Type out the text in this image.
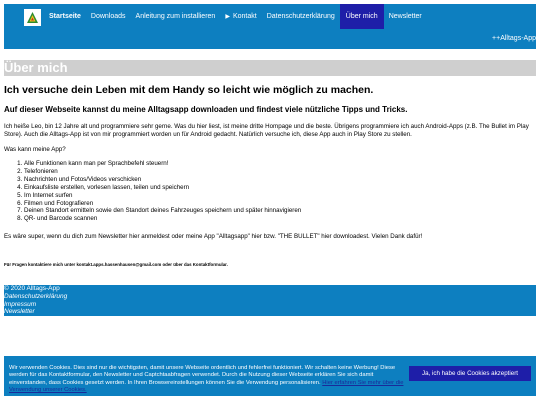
Startseite	Downloads	Anleitung zum installieren	▶ Kontakt	Datenschutzerklärung	Über mich	Newsletter
++Alltags-App
Über mich
Ich versuche dein Leben mit dem Handy so leicht wie möglich zu machen.
Auf dieser Webseite kannst du meine Alltagsapp downloaden und findest viele nützliche Tipps und Tricks.
Ich heiße Leo, bin 12 Jahre alt und programmiere sehr gerne. Was du hier liest, ist meine dritte Hompage und die beste. Übrigens programmiere ich auch Android-Apps (z.B. The Bullet im Play Store). Auch die Alltags-App ist von mir programmiert worden un für Android gedacht. Natürlich versuche ich, diese App auch in Play Store zu stellen.
Was kann meine App?
1. Alle Funktionen kann man per Sprachbefehl steuern!
2. Telefonieren
3. Nachrichten und Fotos/Videos verschicken
4. Einkaufsliste erstellen, vorlesen lassen, teilen und speichern
5. Im Internet surfen
6. Filmen und Fotografieren
7. Deinen Standort ermitteln sowie den Standort deines Fahrzeuges speichern und später hinnavigieren
8. QR- und Barcode scannen
Es wäre super, wenn du dich zum Newsletter hier anmeldest oder meine App "Alltagsapp" hier bzw. "THE BULLET" hier downloadest. Vielen Dank dafür!
Für Fragen kontaktiere mich unter kontakt.apps.hassenhausen@gmail.com oder über das Kontaktformular.
© 2020 Alltags-App
Datenschutzerklärung
Impressum
Newsletter
Wir verwenden Cookies. Dies sind nur die wichtigsten, damit unsere Webseite ordentlich und fehlerfrei funktioniert. Wir schalten keine Werbung! Diese werden für das Kontaktformular, den Newsletter und Captchtaabfragen verwendet. Durch die Nutzung dieser Webseite erklären Sie sich damit einverstanden, dass Cookies gesetzt werden. In Ihren Browsereinstellungen können Sie die Verwendung personalisieren. Hier erfahren Sie mehr über die Verwendung unserer Cookies.
Ja, ich habe die Cookies akzeptiert
